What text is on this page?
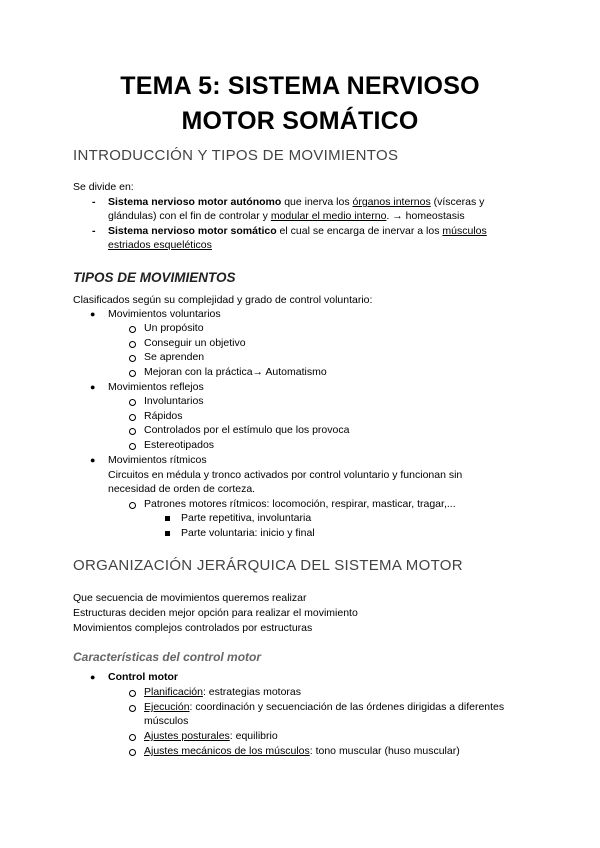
TEMA 5: SISTEMA NERVIOSO
MOTOR SOMÁTICO
INTRODUCCIÓN Y TIPOS DE MOVIMIENTOS
Se divide en:
- Sistema nervioso motor autónomo que inerva los órganos internos (vísceras y
glándulas) con el fin de controlar y modular el medio interno. → homeostasis
- Sistema nervioso motor somático el cual se encarga de inervar a los músculos
estriados esqueléticos
TIPOS DE MOVIMIENTOS
Clasificados según su complejidad y grado de control voluntario:
● Movimientos voluntarios
Un propósito
Conseguir un objetivo
Se aprenden
Mejoran con la práctica→ Automatismo
● Movimientos reflejos
Involuntarios
Rápidos
Controlados por el estímulo que los provoca
Estereotipados
● Movimientos rítmicos
Circuitos en médula y tronco activados por control voluntario y funcionan sin
necesidad de orden de corteza.
Patrones motores rítmicos: locomoción, respirar, masticar, tragar,...
Parte repetitiva, involuntaria
Parte voluntaria: inicio y final
ORGANIZACIÓN JERÁRQUICA DEL SISTEMA MOTOR
Que secuencia de movimientos queremos realizar
Estructuras deciden mejor opción para realizar el movimiento
Movimientos complejos controlados por estructuras
Características del control motor
● Control motor
Planificación: estrategias motoras
Ejecución: coordinación y secuenciación de las órdenes dirigidas a diferentes
músculos
Ajustes posturales: equilibrio
Ajustes mecánicos de los músculos: tono muscular (huso muscular)
